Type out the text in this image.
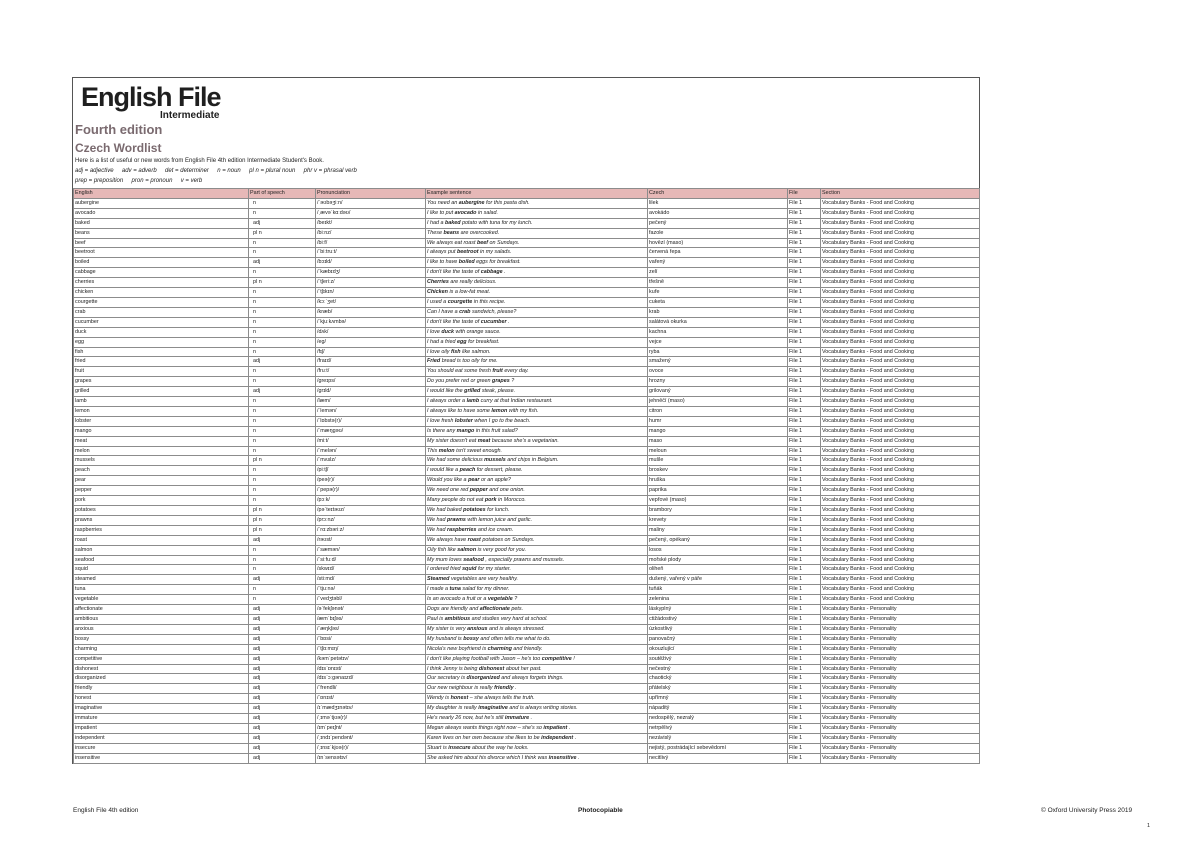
English File
Intermediate
Fourth edition
Czech Wordlist
Here is a list of useful or new words from English File 4th edition Intermediate Student's Book.
adj = adjective     adv = adverb     det = determiner     n = noun     pl n = plural noun     phr v = phrasal verb
prep = preposition     pron = pronoun     v = verb
English	Part of speech	Pronunciation	Example sentence	Czech	File	Section
aubergine	n	/ˈəʊbəʒiːn/	You need an aubergine for this pasta dish.	lilek	File 1	Vocabulary Banks - Food and Cooking
avocado	n	/ˌævəˈkɑːdəʊ/	I like to put avocado in salad.	avokádo	File 1	Vocabulary Banks - Food and Cooking
baked	adj	/beɪkt/	I had a baked potato with tuna for my lunch.	pečený	File 1	Vocabulary Banks - Food and Cooking
beans	pl n	/biːnz/	These beans are overcooked.	fazole	File 1	Vocabulary Banks - Food and Cooking
beef	n	/biːf/	We always eat roast beef on Sundays.	hovězí (maso)	File 1	Vocabulary Banks - Food and Cooking
beetroot	n	/ˈbiːtruːt/	I always put beetroot in my salads.	červená řepa	File 1	Vocabulary Banks - Food and Cooking
boiled	adj	/bɔɪld/	I like to have boiled eggs for breakfast.	vařený	File 1	Vocabulary Banks - Food and Cooking
cabbage	n	/ˈkæbɪdʒ/	I don't like the taste of cabbage .	zelí	File 1	Vocabulary Banks - Food and Cooking
cherries	pl n	/ˈtʃeriːz/	Cherries are really delicious.	třešně	File 1	Vocabulary Banks - Food and Cooking
chicken	n	/ˈtʃɪkɪn/	Chicken is a low-fat meat.	kuře	File 1	Vocabulary Banks - Food and Cooking
courgette	n	/kɔːˈʒet/	I used a courgette in this recipe.	cuketa	File 1	Vocabulary Banks - Food and Cooking
crab	n	/kræb/	Can I have a crab sandwich, please?	krab	File 1	Vocabulary Banks - Food and Cooking
cucumber	n	/ˈkjuːkʌmbə/	I don't like the taste of cucumber .	salátová okurka	File 1	Vocabulary Banks - Food and Cooking
duck	n	/dʌk/	I love duck with orange sauce.	kachna	File 1	Vocabulary Banks - Food and Cooking
egg	n	/eg/	I had a fried egg for breakfast.	vejce	File 1	Vocabulary Banks - Food and Cooking
fish	n	/fɪʃ/	I love oily fish like salmon.	ryba	File 1	Vocabulary Banks - Food and Cooking
fried	adj	/fraɪd/	Fried bread is too oily for me.	smažený	File 1	Vocabulary Banks - Food and Cooking
fruit	n	/fruːt/	You should eat some fresh fruit every day.	ovoce	File 1	Vocabulary Banks - Food and Cooking
grapes	n	/greɪps/	Do you prefer red or green grapes ?	hrozny	File 1	Vocabulary Banks - Food and Cooking
grilled	adj	/grɪld/	I would like the grilled steak, please.	grilovaný	File 1	Vocabulary Banks - Food and Cooking
lamb	n	/læm/	I always order a lamb curry at that Indian restaurant.	jehněčí (maso)	File 1	Vocabulary Banks - Food and Cooking
lemon	n	/ˈlemən/	I always like to have some lemon with my fish.	citron	File 1	Vocabulary Banks - Food and Cooking
lobster	n	/ˈlɒbstə(r)/	I love fresh lobster when I go to the beach.	humr	File 1	Vocabulary Banks - Food and Cooking
mango	n	/ˈmæŋgəʊ/	Is there any mango in this fruit salad?	mango	File 1	Vocabulary Banks - Food and Cooking
meat	n	/miːt/	My sister doesn't eat meat because she's a vegetarian.	maso	File 1	Vocabulary Banks - Food and Cooking
melon	n	/ˈmelən/	This melon isn't sweet enough.	meloun	File 1	Vocabulary Banks - Food and Cooking
mussels	pl n	/ˈmʌslz/	We had some delicious mussels and chips in Belgium.	mušle	File 1	Vocabulary Banks - Food and Cooking
peach	n	/piːtʃ/	I would like a peach for dessert, please.	broskev	File 1	Vocabulary Banks - Food and Cooking
pear	n	/peə(r)/	Would you like a pear or an apple?	hruška	File 1	Vocabulary Banks - Food and Cooking
pepper	n	/ˈpepə(r)/	We need one red pepper and one onion.	paprika	File 1	Vocabulary Banks - Food and Cooking
pork	n	/pɔːk/	Many people do not eat pork in Morocco.	vepřové (maso)	File 1	Vocabulary Banks - Food and Cooking
potatoes	pl n	/pəˈteɪtəʊz/	We had baked potatoes for lunch.	brambory	File 1	Vocabulary Banks - Food and Cooking
prawns	pl n	/prɔːnz/	We had prawns with lemon juice and garlic.	krevety	File 1	Vocabulary Banks - Food and Cooking
raspberries	pl n	/ˈrɑːzbəriːz/	We had raspberries and ice cream.	maliny	File 1	Vocabulary Banks - Food and Cooking
roast	adj	/rəʊst/	We always have roast potatoes on Sundays.	pečený, opékaný	File 1	Vocabulary Banks - Food and Cooking
salmon	n	/ˈsæmən/	Oily fish like salmon is very good for you.	losos	File 1	Vocabulary Banks - Food and Cooking
seafood	n	/ˈsiːfuːd/	My mum loves seafood , especially prawns and mussels.	mořské plody	File 1	Vocabulary Banks - Food and Cooking
squid	n	/skwɪd/	I ordered fried squid for my starter.	oliheň	File 1	Vocabulary Banks - Food and Cooking
steamed	adj	/stiːmd/	Steamed vegetables are very healthy.	dušený, vařený v páře	File 1	Vocabulary Banks - Food and Cooking
tuna	n	/ˈtjuːnə/	I made a tuna salad for my dinner.	tuňák	File 1	Vocabulary Banks - Food and Cooking
vegetable	n	/ˈvedʒtəbl/	Is an avocado a fruit or a vegetable ?	zelenina	File 1	Vocabulary Banks - Food and Cooking
affectionate	adj	/əˈfekʃənət/	Dogs are friendly and affectionate pets.	láskyplný	File 1	Vocabulary Banks - Personality
ambitious	adj	/æmˈbɪʃəs/	Paul is ambitious and studies very hard at school.	ctižádostivý	File 1	Vocabulary Banks - Personality
anxious	adj	/ˈæŋkʃəs/	My sister is very anxious and is always stressed.	úzkostlivý	File 1	Vocabulary Banks - Personality
bossy	adj	/ˈbɒsi/	My husband is bossy and often tells me what to do.	panovačný	File 1	Vocabulary Banks - Personality
charming	adj	/ˈtʃɑːmɪŋ/	Nicola's new boyfriend is charming and friendly.	okouzlující	File 1	Vocabulary Banks - Personality
competitive	adj	/kəmˈpetətɪv/	I don't like playing football with Jason – he's too competitive !	soutěživý	File 1	Vocabulary Banks - Personality
dishonest	adj	/dɪsˈɒnɪst/	I think Jenny is being dishonest about her past.	nečestný	File 1	Vocabulary Banks - Personality
disorganized	adj	/dɪsˈɔːgənaɪzd/	Our secretary is disorganized and always forgets things.	chaotický	File 1	Vocabulary Banks - Personality
friendly	adj	/ˈfrendli/	Our new neighbour is really friendly .	přátelský	File 1	Vocabulary Banks - Personality
honest	adj	/ˈɒnɪst/	Wendy is honest – she always tells the truth.	upřímný	File 1	Vocabulary Banks - Personality
imaginative	adj	/ɪˈmædʒɪnətɪv/	My daughter is really imaginative and is always writing stories.	nápaditý	File 1	Vocabulary Banks - Personality
immature	adj	/ˌɪməˈtjʊə(r)/	He's nearly 26 now, but he's still immature .	nedospělý, nezralý	File 1	Vocabulary Banks - Personality
impatient	adj	/ɪmˈpeɪʃnt/	Megan always wants things right now – she's so impatient .	netrpělivý	File 1	Vocabulary Banks - Personality
independent	adj	/ˌɪndɪˈpendənt/	Karen lives on her own because she likes to be independent .	nezávislý	File 1	Vocabulary Banks - Personality
insecure	adj	/ˌɪnsɪˈkjʊə(r)/	Stuart is insecure about the way he looks.	nejistý, postrádající sebevědomí	File 1	Vocabulary Banks - Personality
insensitive	adj	/ɪnˈsensətɪv/	She asked him about his divorce which I think was insensitive .	necitlivý	File 1	Vocabulary Banks - Personality
English File 4th edition	Photocopiable	© Oxford University Press 2019
1
